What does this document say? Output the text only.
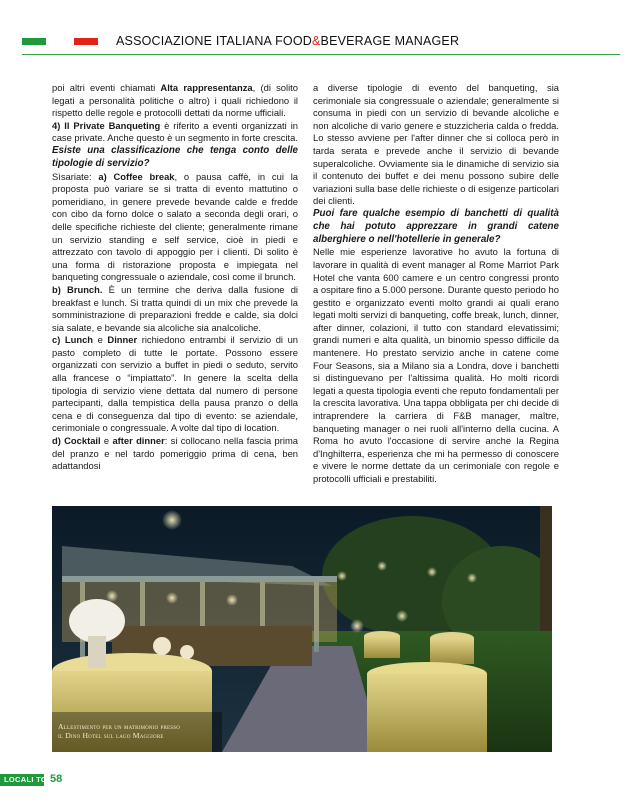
ASSOCIAZIONE ITALIANA FOOD&BEVERAGE MANAGER

poi altri eventi chiamati Alta rappresentanza, (di solito legati a personalità politiche o altro) i quali richiedono il rispetto delle regole e protocolli dettati da norme ufficiali.

4) Il Private Banqueting è riferito a eventi organizzati in case private. Anche questo è un segmento in forte crescita.

Esiste una classificazione che tenga conto delle tipologie di servizio?

Sìsariate: a) Coffee break, o pausa caffè, in cui la proposta può variare se si tratta di evento mattutino o pomeridiano, in genere prevede bevande calde e fredde con cibo da forno dolce o salato a seconda degli orari, o delle specifiche richieste del cliente; generalmente rimane un servizio standing e self service, cioè in piedi e attrezzato con tavolo di appoggio per i clienti. Di solito è una forma di ristorazione proposta e impiegata nel banqueting congressuale o aziendale, così come il brunch.

b) Brunch. È un termine che deriva dalla fusione di breakfast e lunch. Si tratta quindi di un mix che prevede la somministrazione di preparazioni fredde e calde, sia dolci sia salate, e bevande sia alcoliche sia analcoliche.

c) Lunch e Dinner richiedono entrambi il servizio di un pasto completo di tutte le portate. Possono essere organizzati con servizio a buffet in piedi o seduto, servito alla francese o “impiattato”. In genere la scelta della tipologia di servizio viene dettata dal numero di persone partecipanti, dalla tempistica della pausa pranzo o della cena e di conseguenza dal tipo di evento: se aziendale, cerimoniale o congressuale. A volte dal tipo di location.

d) Cocktail e after dinner: si collocano nella fascia prima del pranzo e nel tardo pomeriggio prima di cena, ben adattandosi

a diverse tipologie di evento del banqueting, sia cerimoniale sia congressuale o aziendale; generalmente si consuma in piedi con un servizio di bevande alcoliche e non alcoliche di vario genere e stuzzicheria calda o fredda. Lo stesso avviene per l'after dinner che si colloca però in tarda serata e prevede anche il servizio di bevande superalcoliche. Ovviamente sia le dinamiche di servizio sia il contenuto dei buffet e dei menu possono subire delle variazioni sulla base delle richieste o di esigenze particolari dei clienti.

Puoi fare qualche esempio di banchetti di qualità che hai potuto apprezzare in grandi catene alberghiere o nell'hotellerie in generale?

Nelle mie esperienze lavorative ho avuto la fortuna di lavorare in qualità di event manager al Rome Marriot Park Hotel che vanta 600 camere e un centro congressi pronto a ospitare fino a 5.000 persone. Durante questo periodo ho gestito e organizzato eventi molto grandi ai quali erano legati molti servizi di banqueting, coffe break, lunch, dinner, after dinner, colazioni, il tutto con standard elevatissimi; grandi numeri e alta qualità, un binomio spesso difficile da mantenere. Ho prestato servizio anche in catene come Four Seasons, sia a Milano sia a Londra, dove i banchetti si distinguevano per l'altissima qualità. Ho molti ricordi legati a questa tipologia eventi che reputo fondamentali per la crescita lavorativa. Una tappa obbligata per chi decide di intraprendere la carriera di F&B manager, maître, banqueting manager o nei ruoli all'interno della cucina. A Roma ho avuto l'occasione di servire anche la Regina d'Inghilterra, esperienza che mi ha permesso di conoscere e vivere le norme dettate da un cerimoniale con regole e protocolli ufficiali e prestabiliti.

Allestimento per un matrimonio presso
il Dino Hotel sul lago Maggiore
LOCALI TOP
58
